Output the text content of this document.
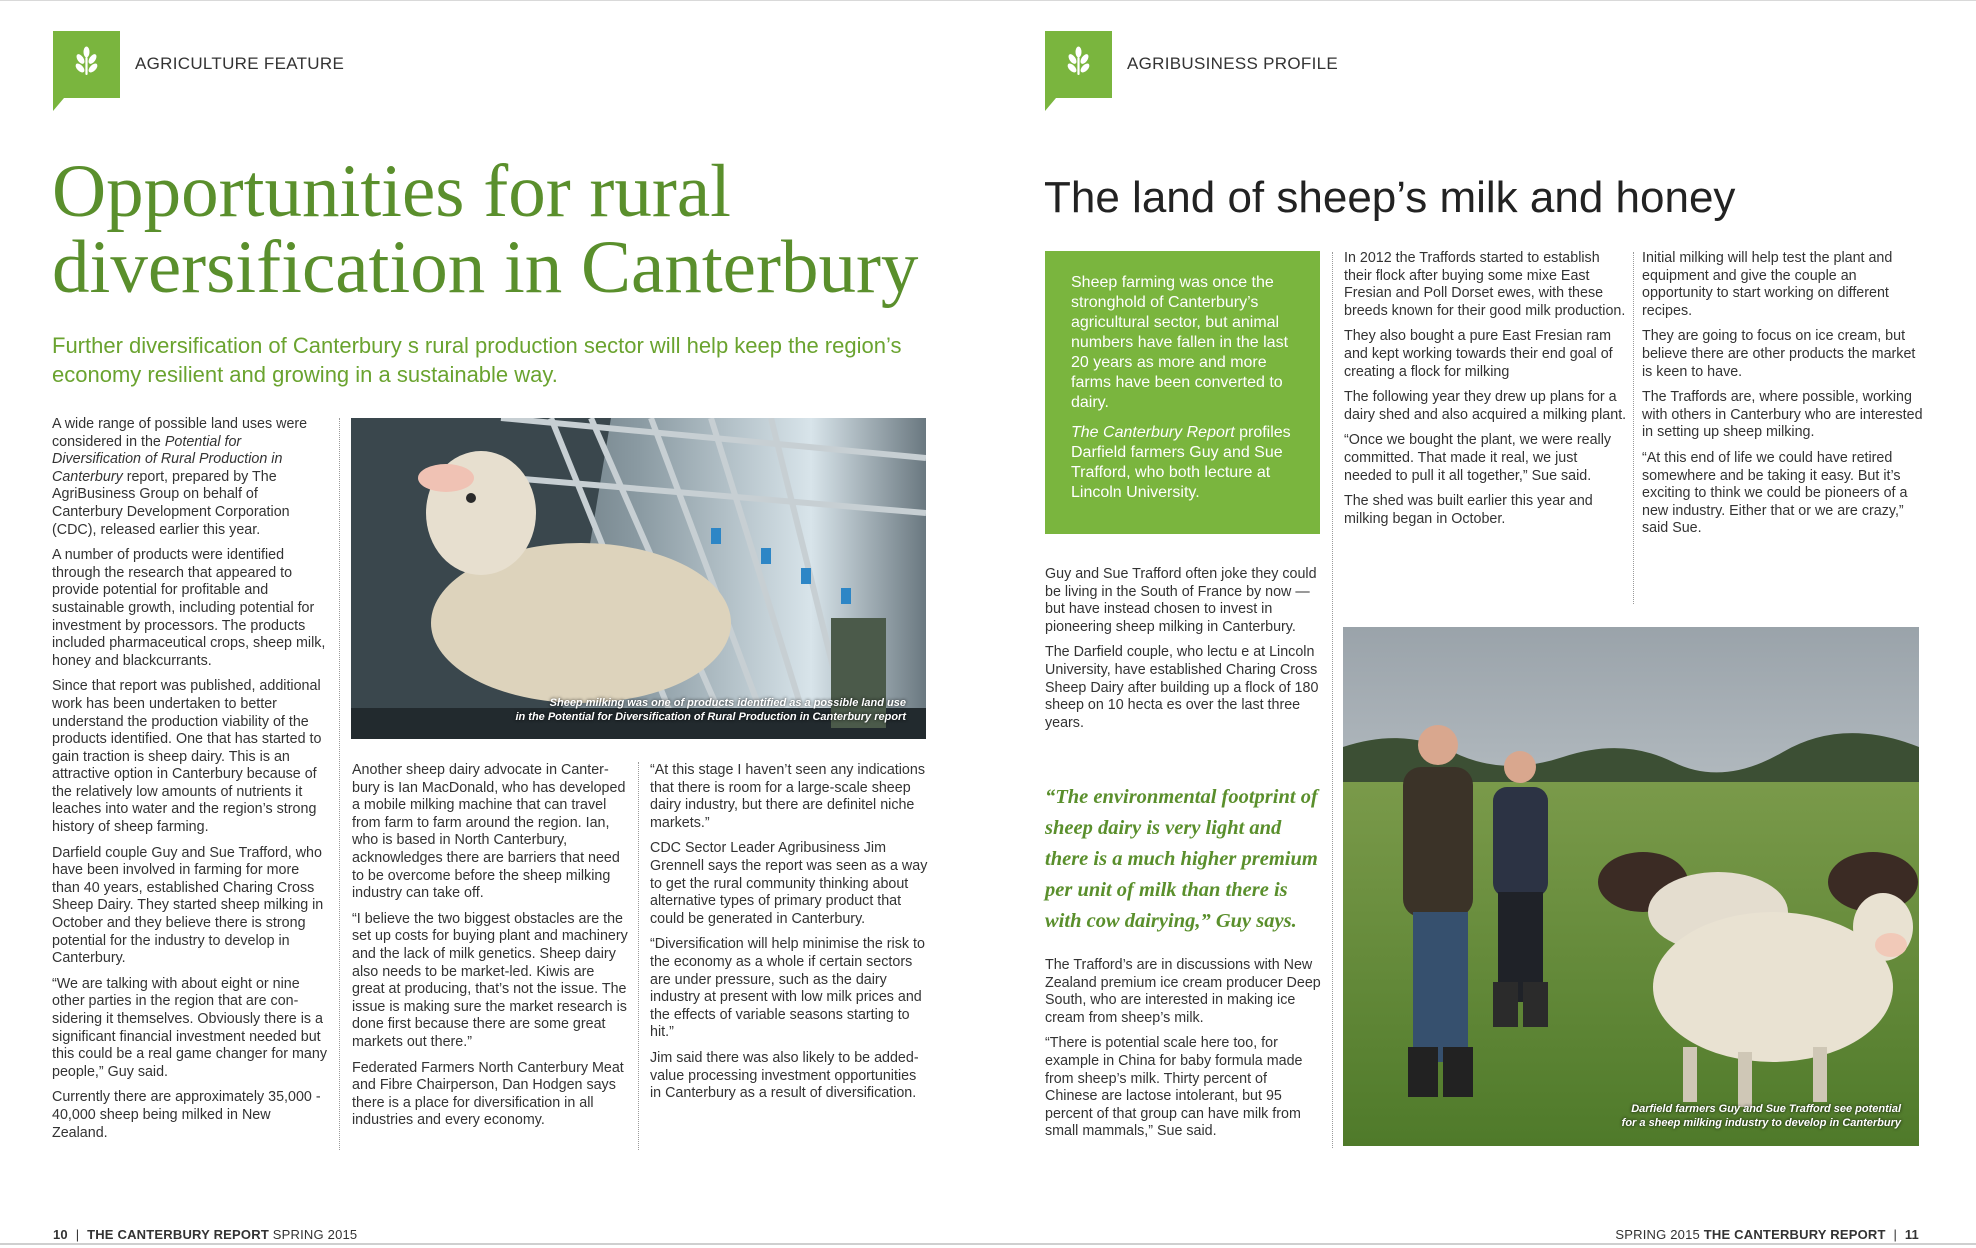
AGRICULTURE FEATURE
Opportunities for rural
diversification in Canterbury
Further diversification of Canterbury s rural production sector will help keep the region’s
economy resilient and growing in a sustainable way.

A wide range of possible land uses were considered in the Potential for Diversification of Rural Production in Canterbury report, prepared by The AgriBusiness Group on behalf of Canterbury Development Corporation (CDC), released earlier this year.

A number of products were identified through the research that appeared to provide potential for profitable and sustainable growth, including potential for investment by processors. The products included pharmaceutical crops, sheep milk, honey and blackcurrants.

Since that report was published, additional work has been undertaken to better understand the production viability of the products identified. One that has started to gain traction is sheep dairy. This is an attractive option in Canterbury because of the relatively low amounts of nutrients it leaches into water and the region’s strong history of sheep farming.

Darfield couple Guy and Sue Trafford, who have been involved in farming for more than 40 years, established Charing Cross Sheep Dairy. They started sheep milking in October and they believe there is strong potential for the industry to develop in Canterbury.

“We are talking with about eight or nine other parties in the region that are con-sidering it themselves. Obviously there is a significant financial investment needed but this could be a real game changer for many people,” Guy said.

Currently there are approximately 35,000 - 40,000 sheep being milked in New Zealand.

Sheep milking was one of products identified as a possible land use
in the Potential for Diversification of Rural Production in Canterbury report

Another sheep dairy advocate in Canter-bury is Ian MacDonald, who has developed a mobile milking machine that can travel from farm to farm around the region. Ian, who is based in North Canterbury, acknowledges there are barriers that need to be overcome before the sheep milking industry can take off.

“I believe the two biggest obstacles are the set up costs for buying plant and machinery and the lack of milk genetics. Sheep dairy also needs to be market-led. Kiwis are great at producing, that’s not the issue. The issue is making sure the market research is done first because there are some great markets out there.”

Federated Farmers North Canterbury Meat and Fibre Chairperson, Dan Hodgen says there is a place for diversification in all industries and every economy.

“At this stage I haven’t seen any indications that there is room for a large-scale sheep dairy industry, but there are definitel niche markets.”

CDC Sector Leader Agribusiness Jim Grennell says the report was seen as a way to get the rural community thinking about alternative types of primary product that could be generated in Canterbury.

“Diversification will help minimise the risk to the economy as a whole if certain sectors are under pressure, such as the dairy industry at present with low milk prices and the effects of variable seasons starting to hit.”

Jim said there was also likely to be added-value processing investment opportunities in Canterbury as a result of diversification.

10 | THE CANTERBURY REPORT SPRING 2015
AGRIBUSINESS PROFILE
The land of sheep’s milk and honey

Sheep farming was once the stronghold of Canterbury’s agricultural sector, but animal numbers have fallen in the last 20 years as more and more farms have been converted to dairy.

The Canterbury Report profiles Darfield farmers Guy and Sue Trafford, who both lecture at Lincoln University.

Guy and Sue Trafford often joke they could be living in the South of France by now — but have instead chosen to invest in pioneering sheep milking in Canterbury.

The Darfield couple, who lectu e at Lincoln University, have established Charing Cross Sheep Dairy after building up a flock of 180 sheep on 10 hecta es over the last three years.

“The environmental footprint of sheep dairy is very light and there is a much higher premium per unit of milk than there is with cow dairying,” Guy says.

The Trafford’s are in discussions with New Zealand premium ice cream producer Deep South, who are interested in making ice cream from sheep’s milk.

“There is potential scale here too, for example in China for baby formula made from sheep’s milk. Thirty percent of Chinese are lactose intolerant, but 95 percent of that group can have milk from small mammals,” Sue said.

In 2012 the Traffords started to establish their flock after buying some mixe East Fresian and Poll Dorset ewes, with these breeds known for their good milk production.

They also bought a pure East Fresian ram and kept working towards their end goal of creating a flock for milking

The following year they drew up plans for a dairy shed and also acquired a milking plant.

“Once we bought the plant, we were really committed. That made it real, we just needed to pull it all together,” Sue said.

The shed was built earlier this year and milking began in October.

Initial milking will help test the plant and equipment and give the couple an opportunity to start working on different recipes.

They are going to focus on ice cream, but believe there are other products the market is keen to have.

The Traffords are, where possible, working with others in Canterbury who are interested in setting up sheep milking.

“At this end of life we could have retired somewhere and be taking it easy. But it’s exciting to think we could be pioneers of a new industry. Either that or we are crazy,” said Sue.

Darfield farmers Guy and Sue Trafford see potential
for a sheep milking industry to develop in Canterbury
SPRING 2015 THE CANTERBURY REPORT | 11
